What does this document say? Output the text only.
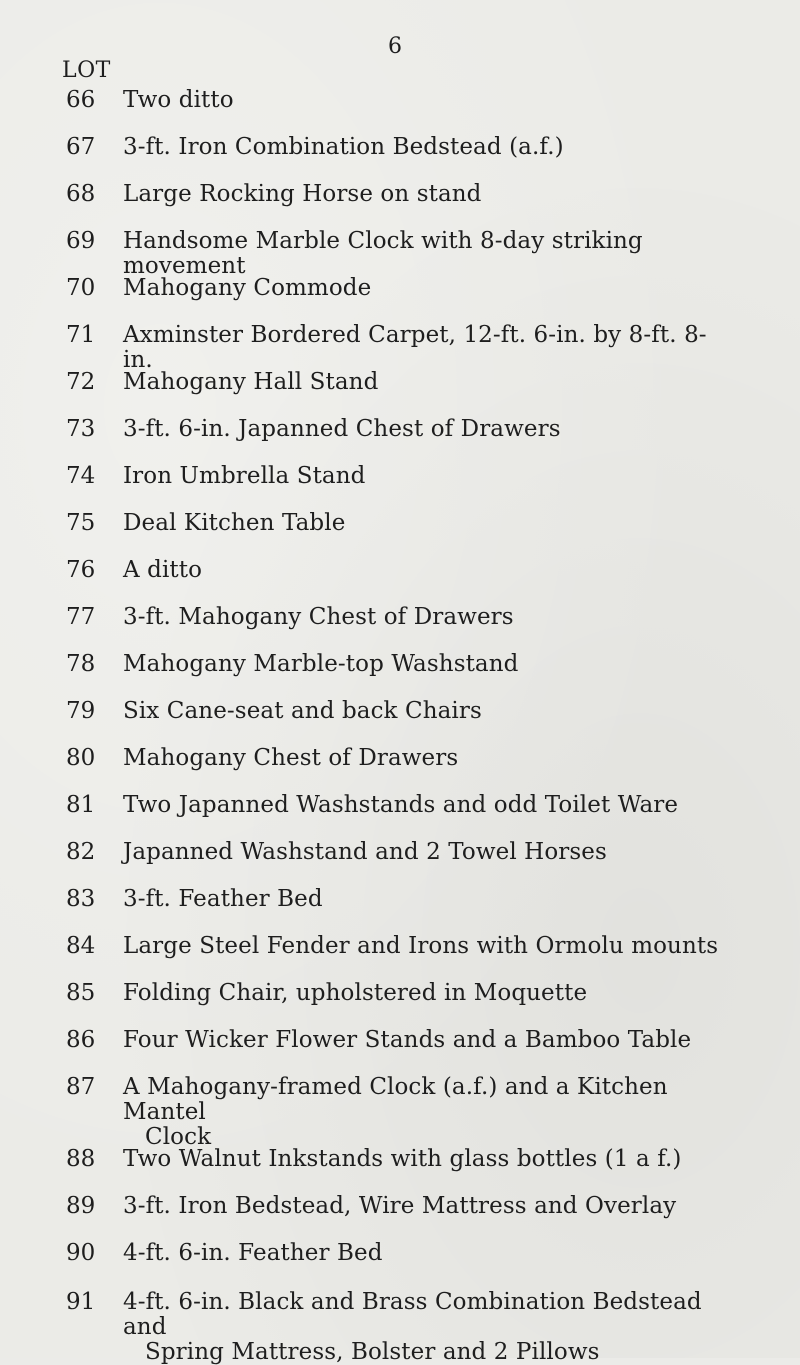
6
LOT
66	Two ditto
67	3-ft. Iron Combination Bedstead (a.f.)
68	Large Rocking Horse on stand
69	Handsome Marble Clock with 8-day striking movement
70	Mahogany Commode
71	Axminster Bordered Carpet, 12-ft. 6-in. by 8-ft. 8-in.
72	Mahogany Hall Stand
73	3-ft. 6-in. Japanned Chest of Drawers
74	Iron Umbrella Stand
75	Deal Kitchen Table
76	A ditto
77	3-ft. Mahogany Chest of Drawers
78	Mahogany Marble-top Washstand
79	Six Cane-seat and back Chairs
80	Mahogany Chest of Drawers
81	Two Japanned Washstands and odd Toilet Ware
82	Japanned Washstand and 2 Towel Horses
83	3-ft. Feather Bed
84	Large Steel Fender and Irons with Ormolu mounts
85	Folding Chair, upholstered in Moquette
86	Four Wicker Flower Stands and a Bamboo Table
87	A Mahogany-framed Clock (a.f.) and a Kitchen Mantel
Clock
88	Two Walnut Inkstands with glass bottles (1 a f.)
89	3-ft. Iron Bedstead, Wire Mattress and Overlay
90	4-ft. 6-in. Feather Bed
91	4-ft. 6-in. Black and Brass Combination Bedstead and
Spring Mattress, Bolster and 2 Pillows
